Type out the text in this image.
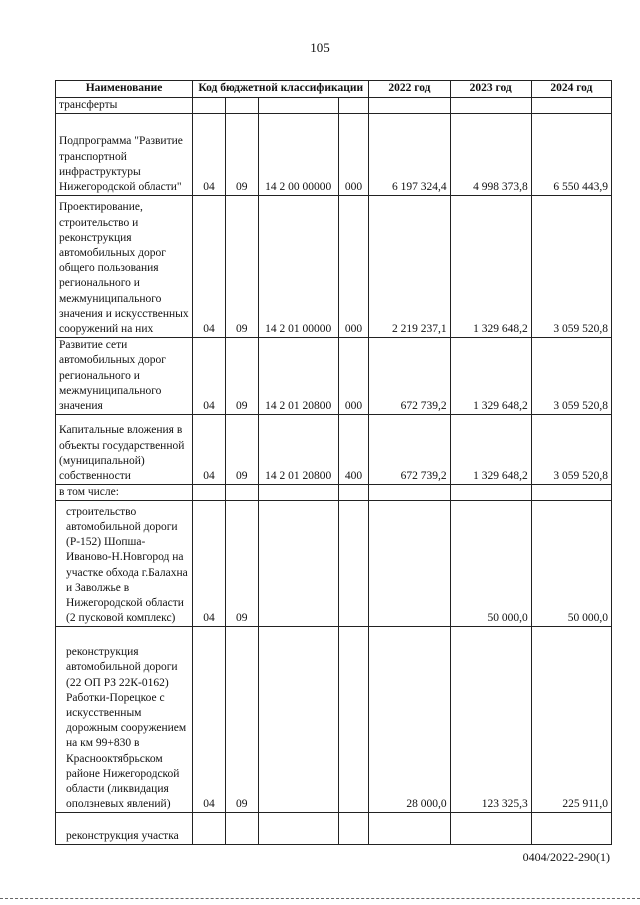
105
Наименование	Код бюджетной классификации				2022 год	2023 год	2024 год
трансферты							
Подпрограмма "Развитие транспортной инфраструктуры Нижегородской области"	04	09	14 2 00 00000	000	6 197 324,4	4 998 373,8	6 550 443,9
Проектирование, строительство и реконструкция автомобильных дорог общего пользования регионального и межмуниципального значения и искусственных сооружений на них	04	09	14 2 01 00000	000	2 219 237,1	1 329 648,2	3 059 520,8
Развитие сети автомобильных дорог регионального и межмуниципального значения	04	09	14 2 01 20800	000	672 739,2	1 329 648,2	3 059 520,8
Капитальные вложения в объекты государственной (муниципальной) собственности	04	09	14 2 01 20800	400	672 739,2	1 329 648,2	3 059 520,8
в том числе:							
строительство автомобильной дороги (Р-152) Шопша-Иваново-Н.Новгород на участке обхода г.Балахна и Заволжье в Нижегородской области (2 пусковой комплекс)	04	09				50 000,0	50 000,0
реконструкция автомобильной дороги (22 ОП РЗ 22К-0162) Работки-Порецкое с искусственным дорожным сооружением на км 99+830 в Краснооктябрьском районе Нижегородской области (ликвидация оползневых явлений)	04	09			28 000,0	123 325,3	225 911,0
реконструкция участка							
0404/2022-290(1)
